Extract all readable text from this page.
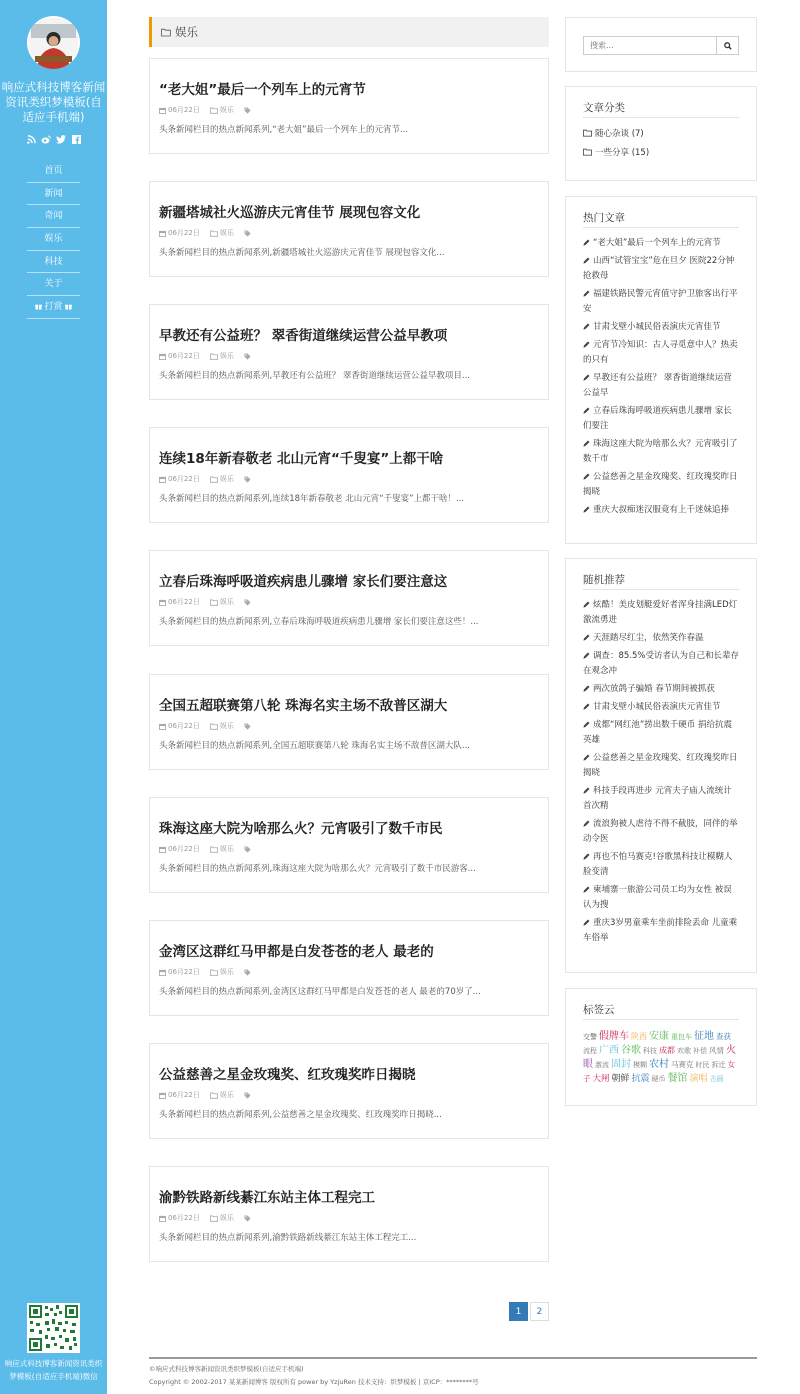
响应式科技博客新闻资讯类织梦模板(自适应手机端)
首页
新闻
奇闻
娱乐
科技
关于
打赏
响应式科技博客新闻资讯类织梦模板(自适应手机端)微信
娱乐
“老大姐”最后一个列车上的元宵节
06月22日	娱乐

头条新闻栏目的热点新闻系列,“老大姐”最后一个列车上的元宵节...

新疆塔城社火巡游庆元宵佳节 展现包容文化
06月22日	娱乐

头条新闻栏目的热点新闻系列,新疆塔城社火巡游庆元宵佳节 展现包容文化...

早教还有公益班？ 翠香街道继续运营公益早教项
06月22日	娱乐

头条新闻栏目的热点新闻系列,早教还有公益班？ 翠香街道继续运营公益早教项目...

连续18年新春敬老 北山元宵“千叟宴”上都干啥
06月22日	娱乐

头条新闻栏目的热点新闻系列,连续18年新春敬老 北山元宵“千叟宴”上都干啥！...

立春后珠海呼吸道疾病患儿骤增 家长们要注意这
06月22日	娱乐

头条新闻栏目的热点新闻系列,立春后珠海呼吸道疾病患儿骤增 家长们要注意这些！...

全国五超联赛第八轮 珠海名实主场不敌普区湖大
06月22日	娱乐

头条新闻栏目的热点新闻系列,全国五超联赛第八轮 珠海名实主场不敌普区湖大队...

珠海这座大院为啥那么火？元宵吸引了数千市民
06月22日	娱乐

头条新闻栏目的热点新闻系列,珠海这座大院为啥那么火？元宵吸引了数千市民游客...

金湾区这群红马甲都是白发苍苍的老人 最老的
06月22日	娱乐

头条新闻栏目的热点新闻系列,金湾区这群红马甲都是白发苍苍的老人 最老的70岁了...

公益慈善之星金玫瑰奖、红玫瑰奖昨日揭晓
06月22日	娱乐

头条新闻栏目的热点新闻系列,公益慈善之星金玫瑰奖、红玫瑰奖昨日揭晓...

渝黔铁路新线綦江东站主体工程完工
06月22日	娱乐

头条新闻栏目的热点新闻系列,渝黔铁路新线綦江东站主体工程完工...

1	2
©响应式科技博客新闻资讯类织梦模板(自适应手机端)
Copyright © 2002-2017 某某新闻博客 版权所有 power by YzjuRen 技术支持：织梦模板 | 京ICP：********号
搜索...
文章分类
随心杂谈 (7)
一些分享 (15)
热门文章
“老大姐”最后一个列车上的元宵节
山西“试管宝宝”危在旦夕 医院22分钟抢救母
福建铁路民警元宵值守护卫旅客出行平安
甘肃戈壁小城民俗表演庆元宵佳节
元宵节冷知识：古人寻觅意中人？热卖的只有
早教还有公益班？ 翠香街道继续运营公益早
立春后珠海呼吸道疾病患儿骤增 家长们要注
珠海这座大院为啥那么火？元宵吸引了数千市
公益慈善之星金玫瑰奖、红玫瑰奖昨日揭晓
重庆大叔痴迷汉服竟有上千迷妹追捧
随机推荐
炫酷！美皮划艇爱好者浑身挂满LED灯激流勇进
天涯踏尽红尘，依然笑作春温
调查：85.5%受访者认为自己和长辈存在观念冲
两次放鸽子骗婚 春节期间被抓获
甘肃戈壁小城民俗表演庆元宵佳节
成都“网红池”捞出数千硬币 捐给抗震英雄
公益慈善之星金玫瑰奖、红玫瑰奖昨日揭晓
科技手段再进步 元宵夫子庙人流统计首次精
流浪狗被人虐待不得不截肢，同伴的举动令医
再也不怕马赛克!谷歌黑科技让模糊人脸变清
柬埔寨一旅游公司员工均为女性 被误认为搜
重庆3岁男童乘车坐前排险丢命 儿童乘车俗举
标签云
交警 假牌车 陕西 安康 重包车 征地 查获流程 广西 谷歌 科技 成都 欢歌 补偿 风情 火眼 激流 固封 模糊 农村 马赛克 时民 拆迁 女子 大闸 朝鲜 抗震 硬币 餐馆 演唱 古画
